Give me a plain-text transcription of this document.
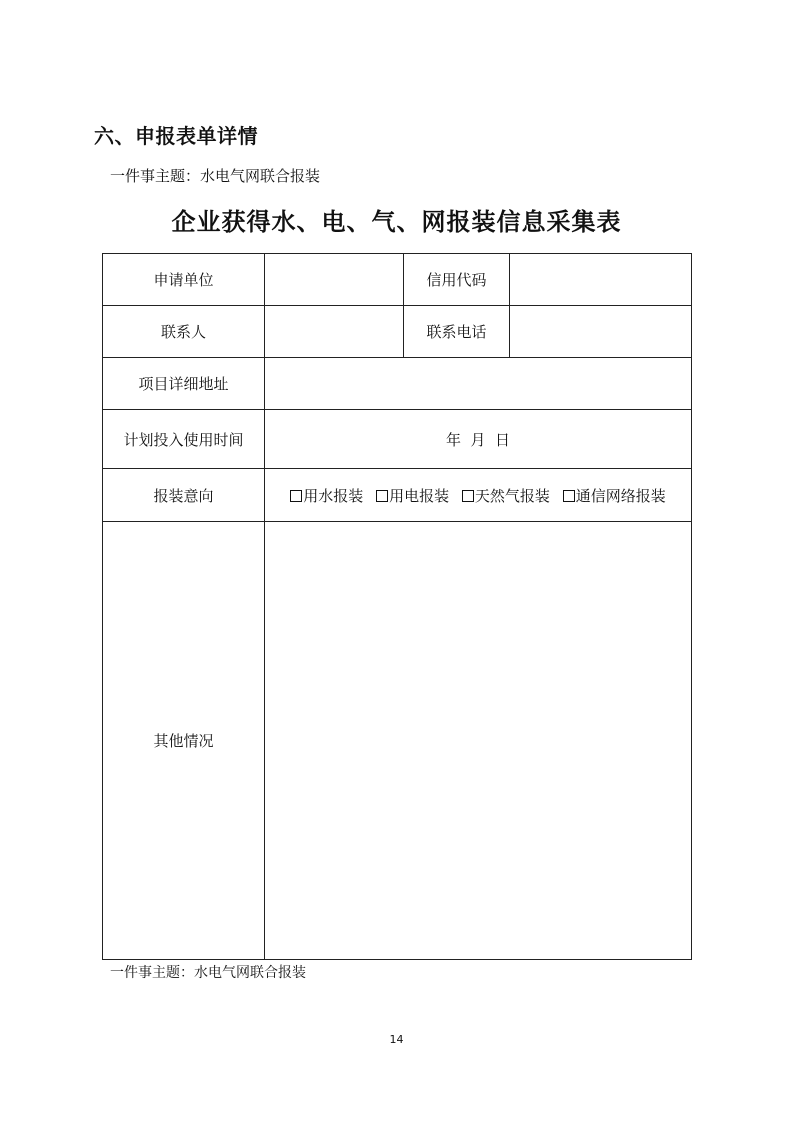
六、申报表单详情
一件事主题：水电气网联合报装
企业获得水、电、气、网报装信息采集表
申请单位		信用代码	
联系人		联系电话	
项目详细地址			
计划投入使用时间	年  月  日		
报装意向	用水报装 用电报装 天然气报装 通信网络报装		
其他情况			
一件事主题：水电气网联合报装
14
